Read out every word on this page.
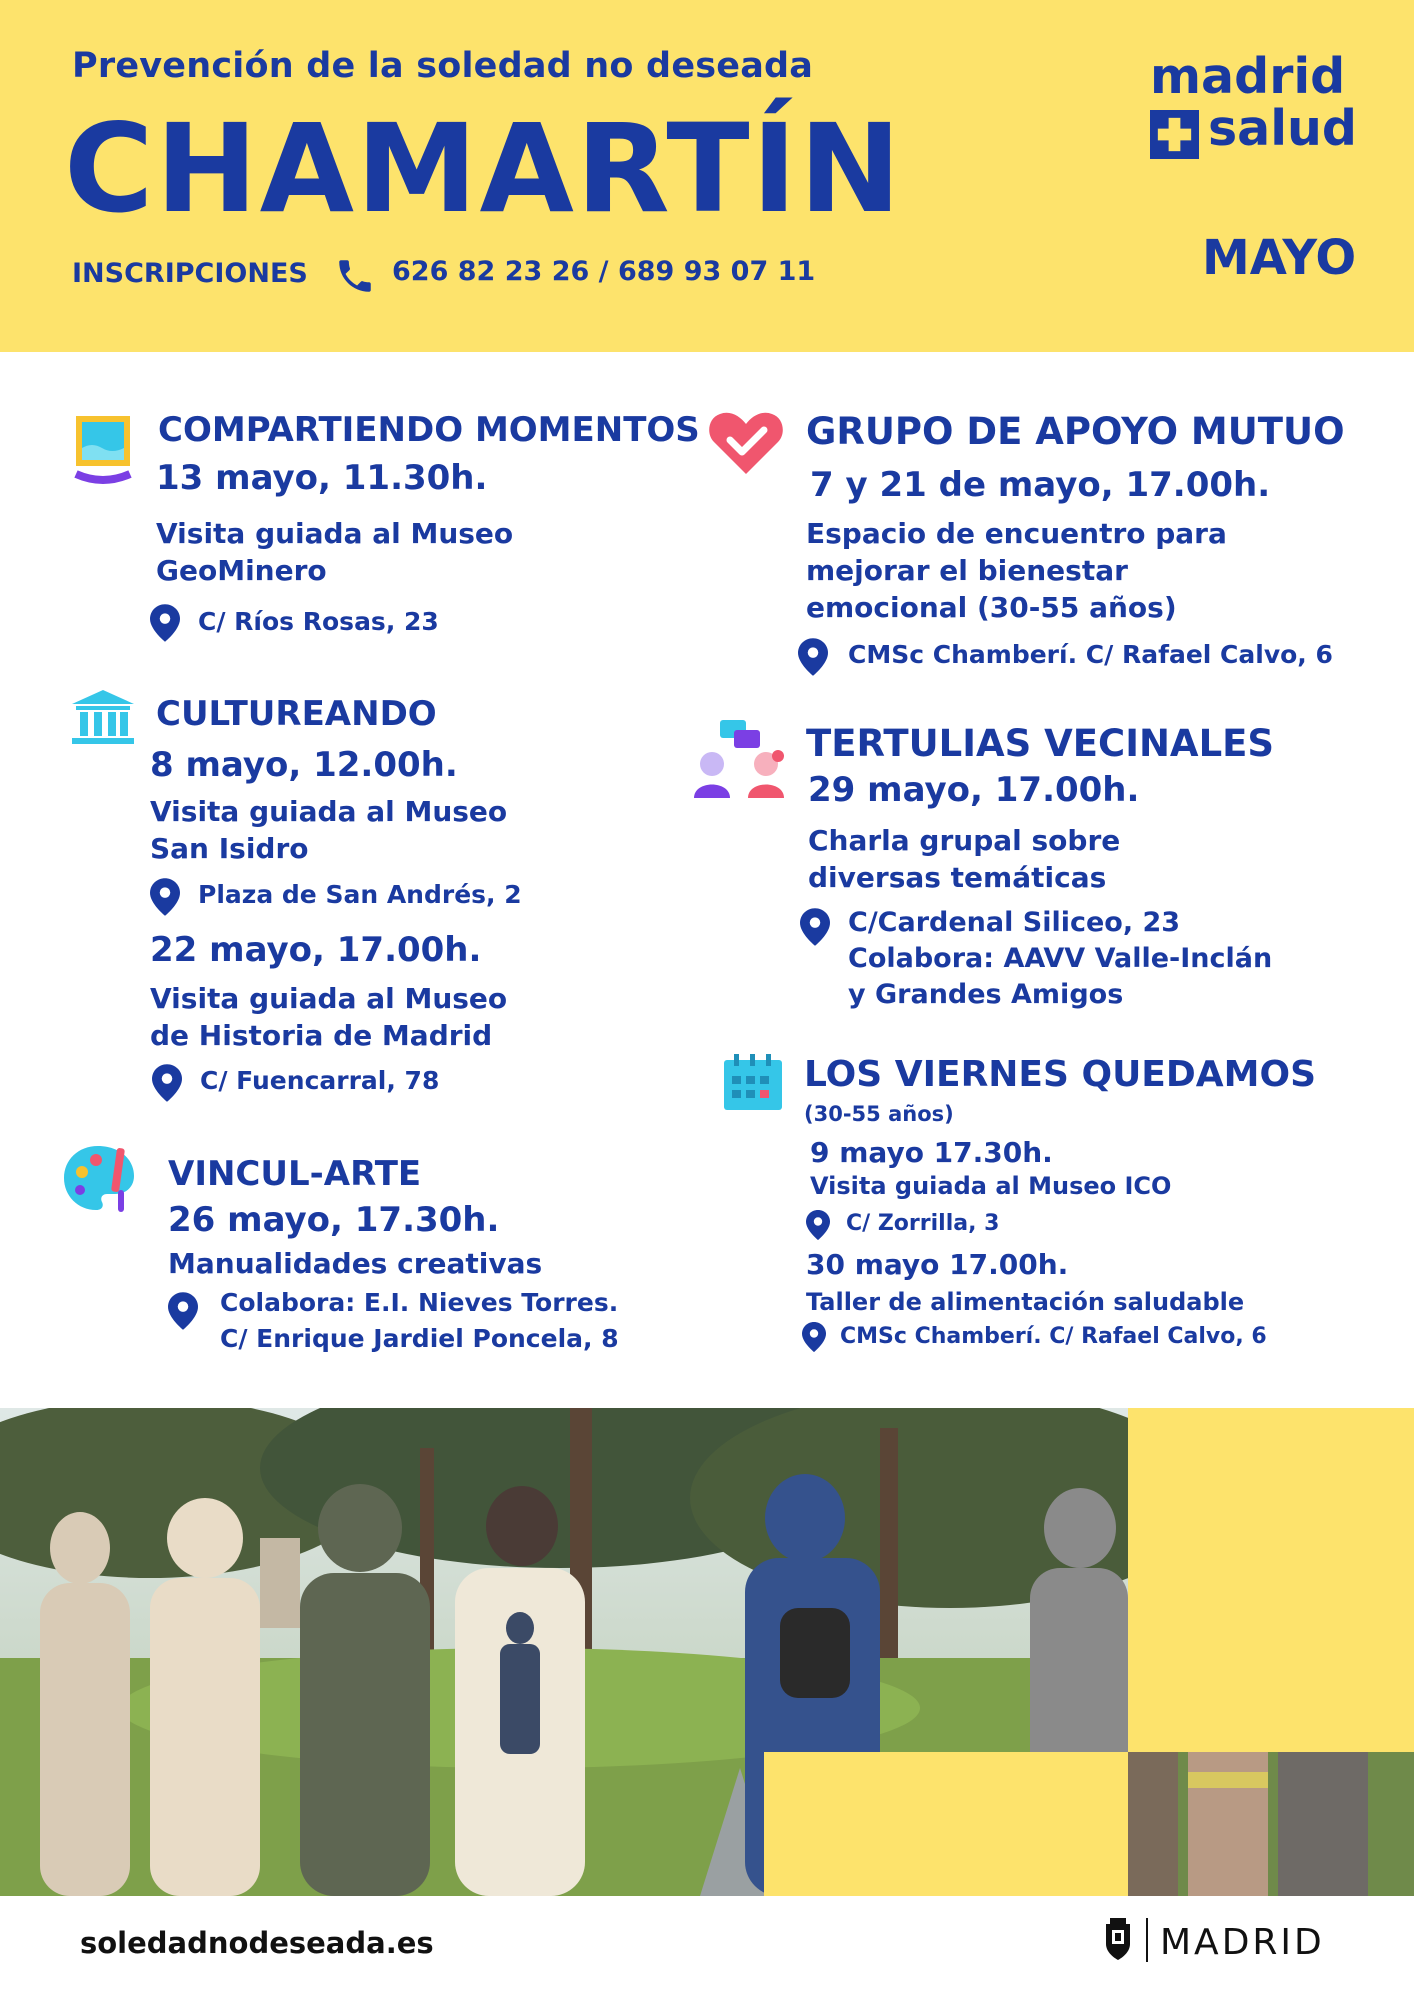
Prevención de la soledad no deseada
CHAMARTÍN
INSCRIPCIONES	626 82 23 26 / 689 93 07 11
madrid
salud
MAYO
COMPARTIENDO MOMENTOS
13 mayo, 11.30h.
Visita guiada al Museo
GeoMinero
C/ Ríos Rosas, 23
CULTUREANDO
8 mayo, 12.00h.
Visita guiada al Museo
San Isidro
Plaza de San Andrés, 2
22 mayo, 17.00h.
Visita guiada al Museo
de Historia de Madrid
C/ Fuencarral, 78
VINCUL-ARTE
26 mayo, 17.30h.
Manualidades creativas
Colabora: E.I. Nieves Torres.
C/ Enrique Jardiel Poncela, 8
GRUPO DE APOYO MUTUO
7 y 21 de mayo, 17.00h.
Espacio de encuentro para
mejorar el bienestar
emocional (30-55 años)
CMSc Chamberí. C/ Rafael Calvo, 6
TERTULIAS VECINALES
29 mayo, 17.00h.
Charla grupal sobre
diversas temáticas
C/Cardenal Siliceo, 23
Colabora: AAVV Valle-Inclán
y Grandes Amigos
LOS VIERNES QUEDAMOS
(30-55 años)
9 mayo 17.30h.
Visita guiada al Museo ICO
C/ Zorrilla, 3
30 mayo 17.00h.
Taller de alimentación saludable
CMSc Chamberí. C/ Rafael Calvo, 6
soledadnodeseada.es	MADRID
